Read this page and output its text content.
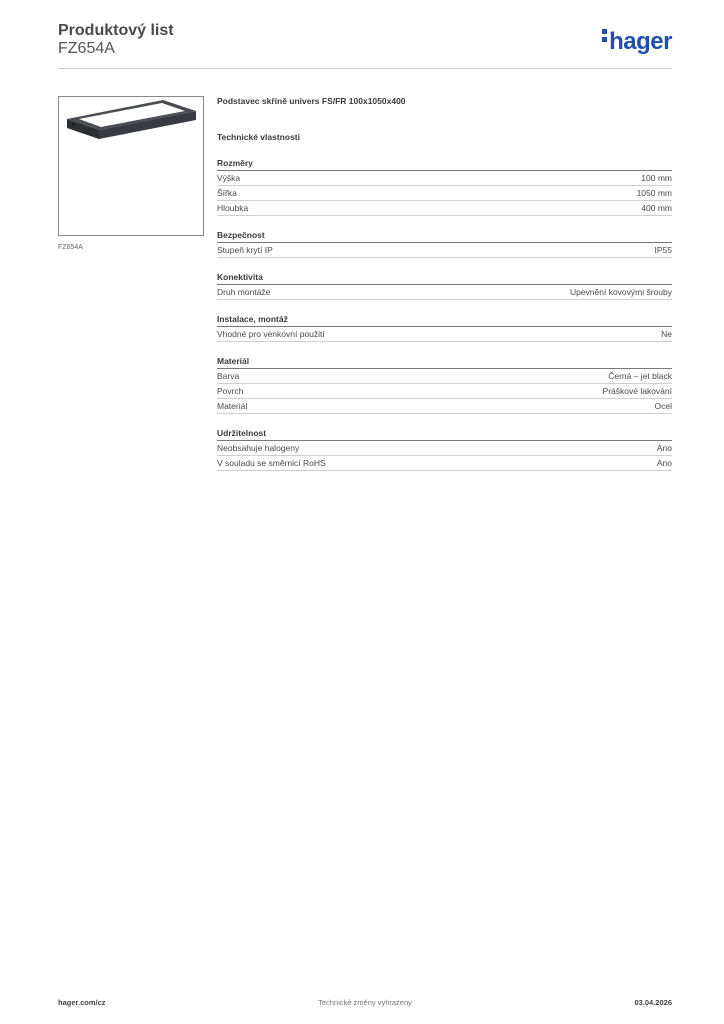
Produktový list
FZ654A	hager
FZ654A
Podstavec skříně univers FS/FR 100x1050x400
Technické vlastnosti
Rozměry
Výška	100 mm
Šířka	1050 mm
Hloubka	400 mm
Bezpečnost
Stupeň krytí IP	IP55
Konektivita
Druh montáže	Upevnění kovovými šrouby
Instalace, montáž
Vhodné pro venkovní použití	Ne
Materiál
Barva	Černá – jet black
Povrch	Práškové lakování
Materiál	Ocel
Udržitelnost
Neobsahuje halogeny	Ano
V souladu se směrnicí RoHS	Ano
Technické změny vyhrazeny
hager.com/cz	03.04.2026
